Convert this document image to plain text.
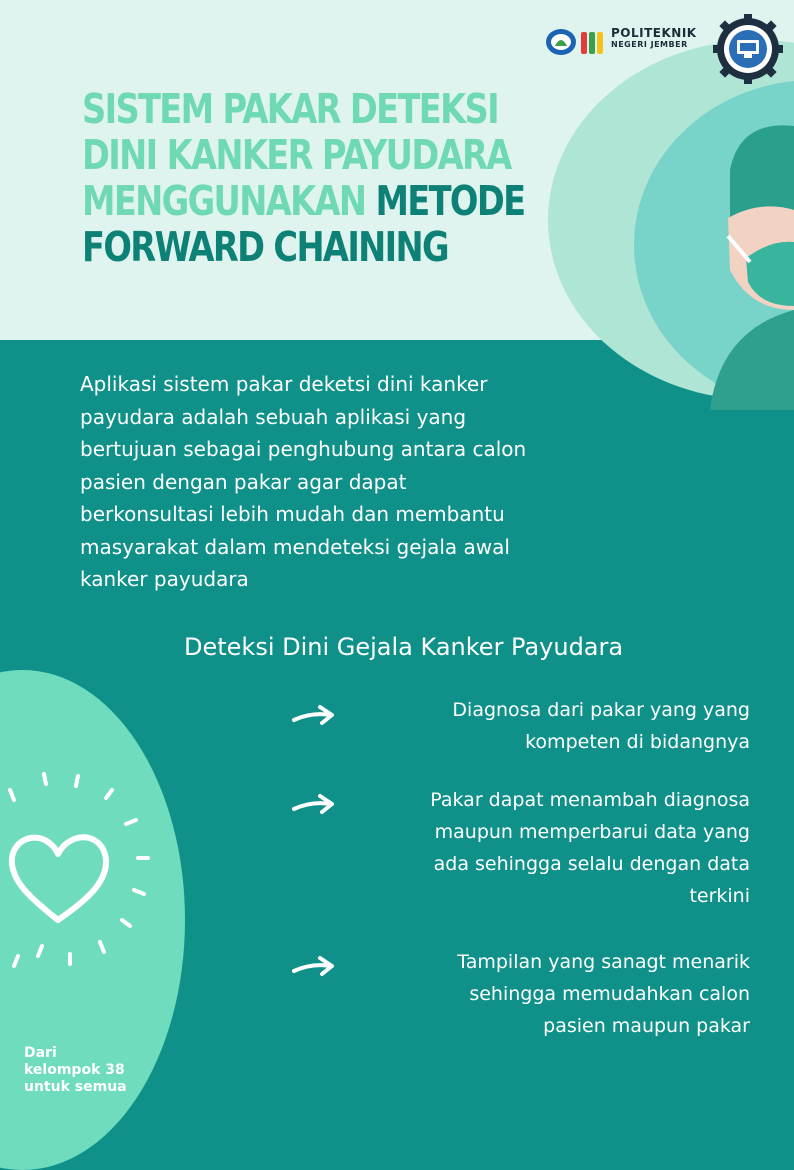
POLITEKNIK
NEGERI JEMBER
SISTEM PAKAR DETEKSI
DINI KANKER PAYUDARA
MENGGUNAKAN METODE
FORWARD CHAINING
Aplikasi sistem pakar deketsi dini kanker
payudara adalah sebuah aplikasi yang
bertujuan sebagai penghubung antara calon
pasien dengan pakar agar dapat
berkonsultasi lebih mudah dan membantu
masyarakat dalam mendeteksi gejala awal
kanker payudara
Deteksi Dini Gejala Kanker Payudara
Diagnosa dari pakar yang yang
kompeten di bidangnya
Pakar dapat menambah diagnosa
maupun memperbarui data yang
ada sehingga selalu dengan data
terkini
Tampilan yang sanagt menarik
sehingga memudahkan calon
pasien maupun pakar
Dari
kelompok 38
untuk semua
